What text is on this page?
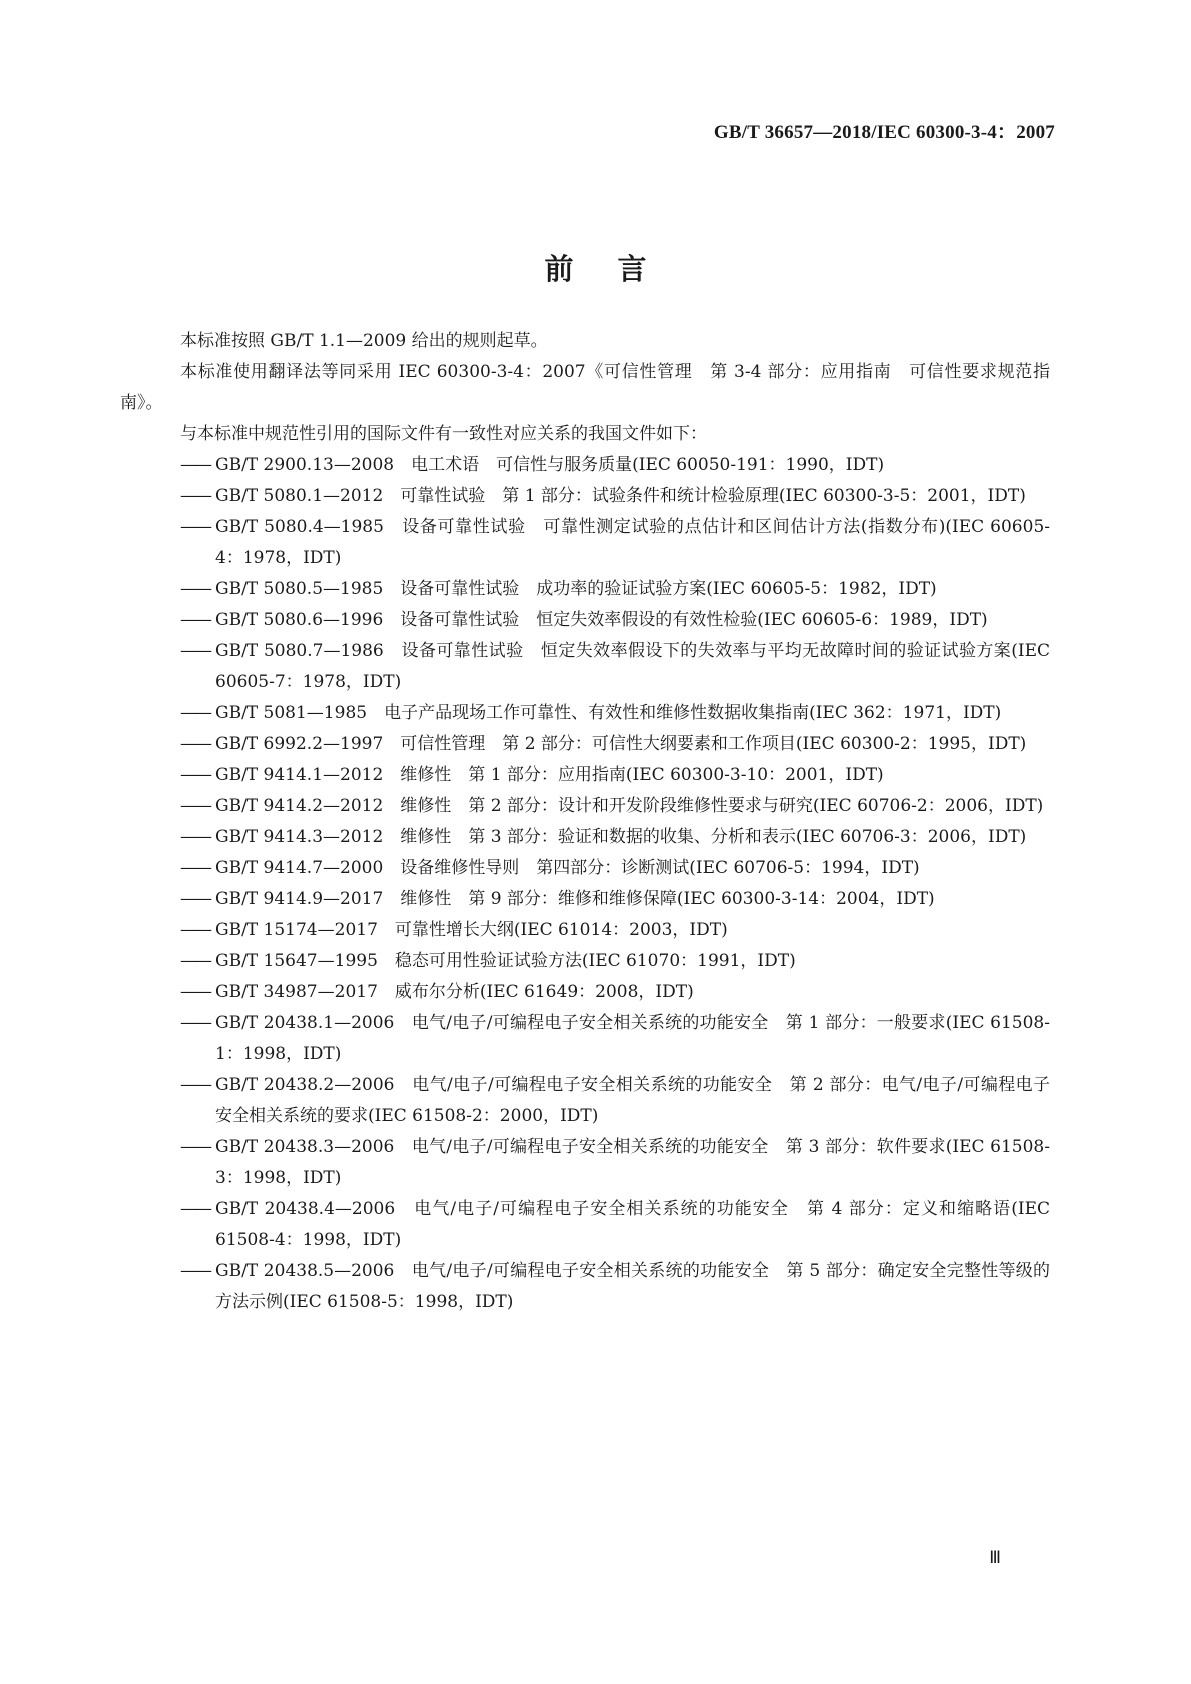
GB/T 36657—2018/IEC 60300-3-4：2007
前言

本标准按照 GB/T 1.1—2009 给出的规则起草。

本标准使用翻译法等同采用 IEC 60300-3-4：2007《可信性管理　第 3-4 部分：应用指南　可信性要求规范指南》。

与本标准中规范性引用的国际文件有一致性对应关系的我国文件如下：

—— GB/T 2900.13—2008　电工术语　可信性与服务质量(IEC 60050-191：1990，IDT)
—— GB/T 5080.1—2012　可靠性试验　第 1 部分：试验条件和统计检验原理(IEC 60300-3-5：2001，IDT)
—— GB/T 5080.4—1985　设备可靠性试验　可靠性测定试验的点估计和区间估计方法(指数分布)(IEC 60605-4：1978，IDT)
—— GB/T 5080.5—1985　设备可靠性试验　成功率的验证试验方案(IEC 60605-5：1982，IDT)
—— GB/T 5080.6—1996　设备可靠性试验　恒定失效率假设的有效性检验(IEC 60605-6：1989，IDT)
—— GB/T 5080.7—1986　设备可靠性试验　恒定失效率假设下的失效率与平均无故障时间的验证试验方案(IEC 60605-7：1978，IDT)
—— GB/T 5081—1985　电子产品现场工作可靠性、有效性和维修性数据收集指南(IEC 362：1971，IDT)
—— GB/T 6992.2—1997　可信性管理　第 2 部分：可信性大纲要素和工作项目(IEC 60300-2：1995，IDT)
—— GB/T 9414.1—2012　维修性　第 1 部分：应用指南(IEC 60300-3-10：2001，IDT)
—— GB/T 9414.2—2012　维修性　第 2 部分：设计和开发阶段维修性要求与研究(IEC 60706-2：2006，IDT)
—— GB/T 9414.3—2012　维修性　第 3 部分：验证和数据的收集、分析和表示(IEC 60706-3：2006，IDT)
—— GB/T 9414.7—2000　设备维修性导则　第四部分：诊断测试(IEC 60706-5：1994，IDT)
—— GB/T 9414.9—2017　维修性　第 9 部分：维修和维修保障(IEC 60300-3-14：2004，IDT)
—— GB/T 15174—2017　可靠性增长大纲(IEC 61014：2003，IDT)
—— GB/T 15647—1995　稳态可用性验证试验方法(IEC 61070：1991，IDT)
—— GB/T 34987—2017　威布尔分析(IEC 61649：2008，IDT)
—— GB/T 20438.1—2006　电气/电子/可编程电子安全相关系统的功能安全　第 1 部分：一般要求(IEC 61508-1：1998，IDT)
—— GB/T 20438.2—2006　电气/电子/可编程电子安全相关系统的功能安全　第 2 部分：电气/电子/可编程电子安全相关系统的要求(IEC 61508-2：2000，IDT)
—— GB/T 20438.3—2006　电气/电子/可编程电子安全相关系统的功能安全　第 3 部分：软件要求(IEC 61508-3：1998，IDT)
—— GB/T 20438.4—2006　电气/电子/可编程电子安全相关系统的功能安全　第 4 部分：定义和缩略语(IEC 61508-4：1998，IDT)
—— GB/T 20438.5—2006　电气/电子/可编程电子安全相关系统的功能安全　第 5 部分：确定安全完整性等级的方法示例(IEC 61508-5：1998，IDT)
Ⅲ
